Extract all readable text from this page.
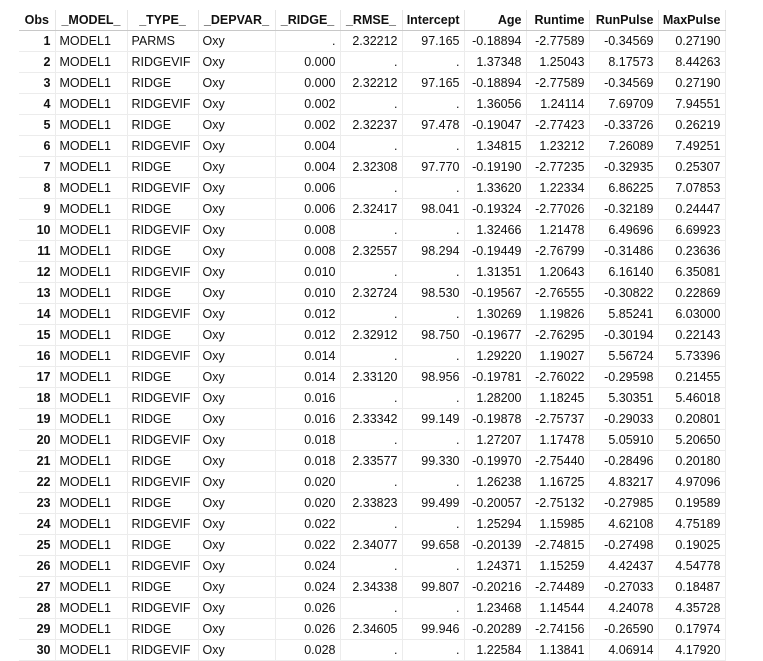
Obs	_MODEL_	_TYPE_	_DEPVAR_	_RIDGE_	_RMSE_	Intercept	Age	Runtime	RunPulse	MaxPulse
1	MODEL1	PARMS	Oxy	.	2.32212	97.165	-0.18894	-2.77589	-0.34569	0.27190
2	MODEL1	RIDGEVIF	Oxy	0.000	.	.	1.37348	1.25043	8.17573	8.44263
3	MODEL1	RIDGE	Oxy	0.000	2.32212	97.165	-0.18894	-2.77589	-0.34569	0.27190
4	MODEL1	RIDGEVIF	Oxy	0.002	.	.	1.36056	1.24114	7.69709	7.94551
5	MODEL1	RIDGE	Oxy	0.002	2.32237	97.478	-0.19047	-2.77423	-0.33726	0.26219
6	MODEL1	RIDGEVIF	Oxy	0.004	.	.	1.34815	1.23212	7.26089	7.49251
7	MODEL1	RIDGE	Oxy	0.004	2.32308	97.770	-0.19190	-2.77235	-0.32935	0.25307
8	MODEL1	RIDGEVIF	Oxy	0.006	.	.	1.33620	1.22334	6.86225	7.07853
9	MODEL1	RIDGE	Oxy	0.006	2.32417	98.041	-0.19324	-2.77026	-0.32189	0.24447
10	MODEL1	RIDGEVIF	Oxy	0.008	.	.	1.32466	1.21478	6.49696	6.69923
11	MODEL1	RIDGE	Oxy	0.008	2.32557	98.294	-0.19449	-2.76799	-0.31486	0.23636
12	MODEL1	RIDGEVIF	Oxy	0.010	.	.	1.31351	1.20643	6.16140	6.35081
13	MODEL1	RIDGE	Oxy	0.010	2.32724	98.530	-0.19567	-2.76555	-0.30822	0.22869
14	MODEL1	RIDGEVIF	Oxy	0.012	.	.	1.30269	1.19826	5.85241	6.03000
15	MODEL1	RIDGE	Oxy	0.012	2.32912	98.750	-0.19677	-2.76295	-0.30194	0.22143
16	MODEL1	RIDGEVIF	Oxy	0.014	.	.	1.29220	1.19027	5.56724	5.73396
17	MODEL1	RIDGE	Oxy	0.014	2.33120	98.956	-0.19781	-2.76022	-0.29598	0.21455
18	MODEL1	RIDGEVIF	Oxy	0.016	.	.	1.28200	1.18245	5.30351	5.46018
19	MODEL1	RIDGE	Oxy	0.016	2.33342	99.149	-0.19878	-2.75737	-0.29033	0.20801
20	MODEL1	RIDGEVIF	Oxy	0.018	.	.	1.27207	1.17478	5.05910	5.20650
21	MODEL1	RIDGE	Oxy	0.018	2.33577	99.330	-0.19970	-2.75440	-0.28496	0.20180
22	MODEL1	RIDGEVIF	Oxy	0.020	.	.	1.26238	1.16725	4.83217	4.97096
23	MODEL1	RIDGE	Oxy	0.020	2.33823	99.499	-0.20057	-2.75132	-0.27985	0.19589
24	MODEL1	RIDGEVIF	Oxy	0.022	.	.	1.25294	1.15985	4.62108	4.75189
25	MODEL1	RIDGE	Oxy	0.022	2.34077	99.658	-0.20139	-2.74815	-0.27498	0.19025
26	MODEL1	RIDGEVIF	Oxy	0.024	.	.	1.24371	1.15259	4.42437	4.54778
27	MODEL1	RIDGE	Oxy	0.024	2.34338	99.807	-0.20216	-2.74489	-0.27033	0.18487
28	MODEL1	RIDGEVIF	Oxy	0.026	.	.	1.23468	1.14544	4.24078	4.35728
29	MODEL1	RIDGE	Oxy	0.026	2.34605	99.946	-0.20289	-2.74156	-0.26590	0.17974
30	MODEL1	RIDGEVIF	Oxy	0.028	.	.	1.22584	1.13841	4.06914	4.17920
